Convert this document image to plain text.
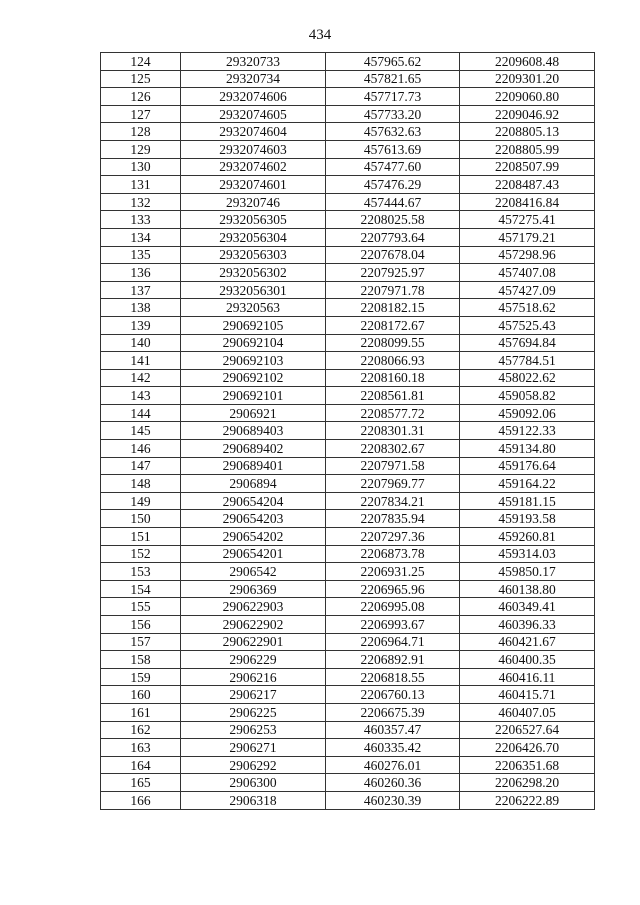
434
124	29320733	457965.62	2209608.48
125	29320734	457821.65	2209301.20
126	2932074606	457717.73	2209060.80
127	2932074605	457733.20	2209046.92
128	2932074604	457632.63	2208805.13
129	2932074603	457613.69	2208805.99
130	2932074602	457477.60	2208507.99
131	2932074601	457476.29	2208487.43
132	29320746	457444.67	2208416.84
133	2932056305	2208025.58	457275.41
134	2932056304	2207793.64	457179.21
135	2932056303	2207678.04	457298.96
136	2932056302	2207925.97	457407.08
137	2932056301	2207971.78	457427.09
138	29320563	2208182.15	457518.62
139	290692105	2208172.67	457525.43
140	290692104	2208099.55	457694.84
141	290692103	2208066.93	457784.51
142	290692102	2208160.18	458022.62
143	290692101	2208561.81	459058.82
144	2906921	2208577.72	459092.06
145	290689403	2208301.31	459122.33
146	290689402	2208302.67	459134.80
147	290689401	2207971.58	459176.64
148	2906894	2207969.77	459164.22
149	290654204	2207834.21	459181.15
150	290654203	2207835.94	459193.58
151	290654202	2207297.36	459260.81
152	290654201	2206873.78	459314.03
153	2906542	2206931.25	459850.17
154	2906369	2206965.96	460138.80
155	290622903	2206995.08	460349.41
156	290622902	2206993.67	460396.33
157	290622901	2206964.71	460421.67
158	2906229	2206892.91	460400.35
159	2906216	2206818.55	460416.11
160	2906217	2206760.13	460415.71
161	2906225	2206675.39	460407.05
162	2906253	460357.47	2206527.64
163	2906271	460335.42	2206426.70
164	2906292	460276.01	2206351.68
165	2906300	460260.36	2206298.20
166	2906318	460230.39	2206222.89
